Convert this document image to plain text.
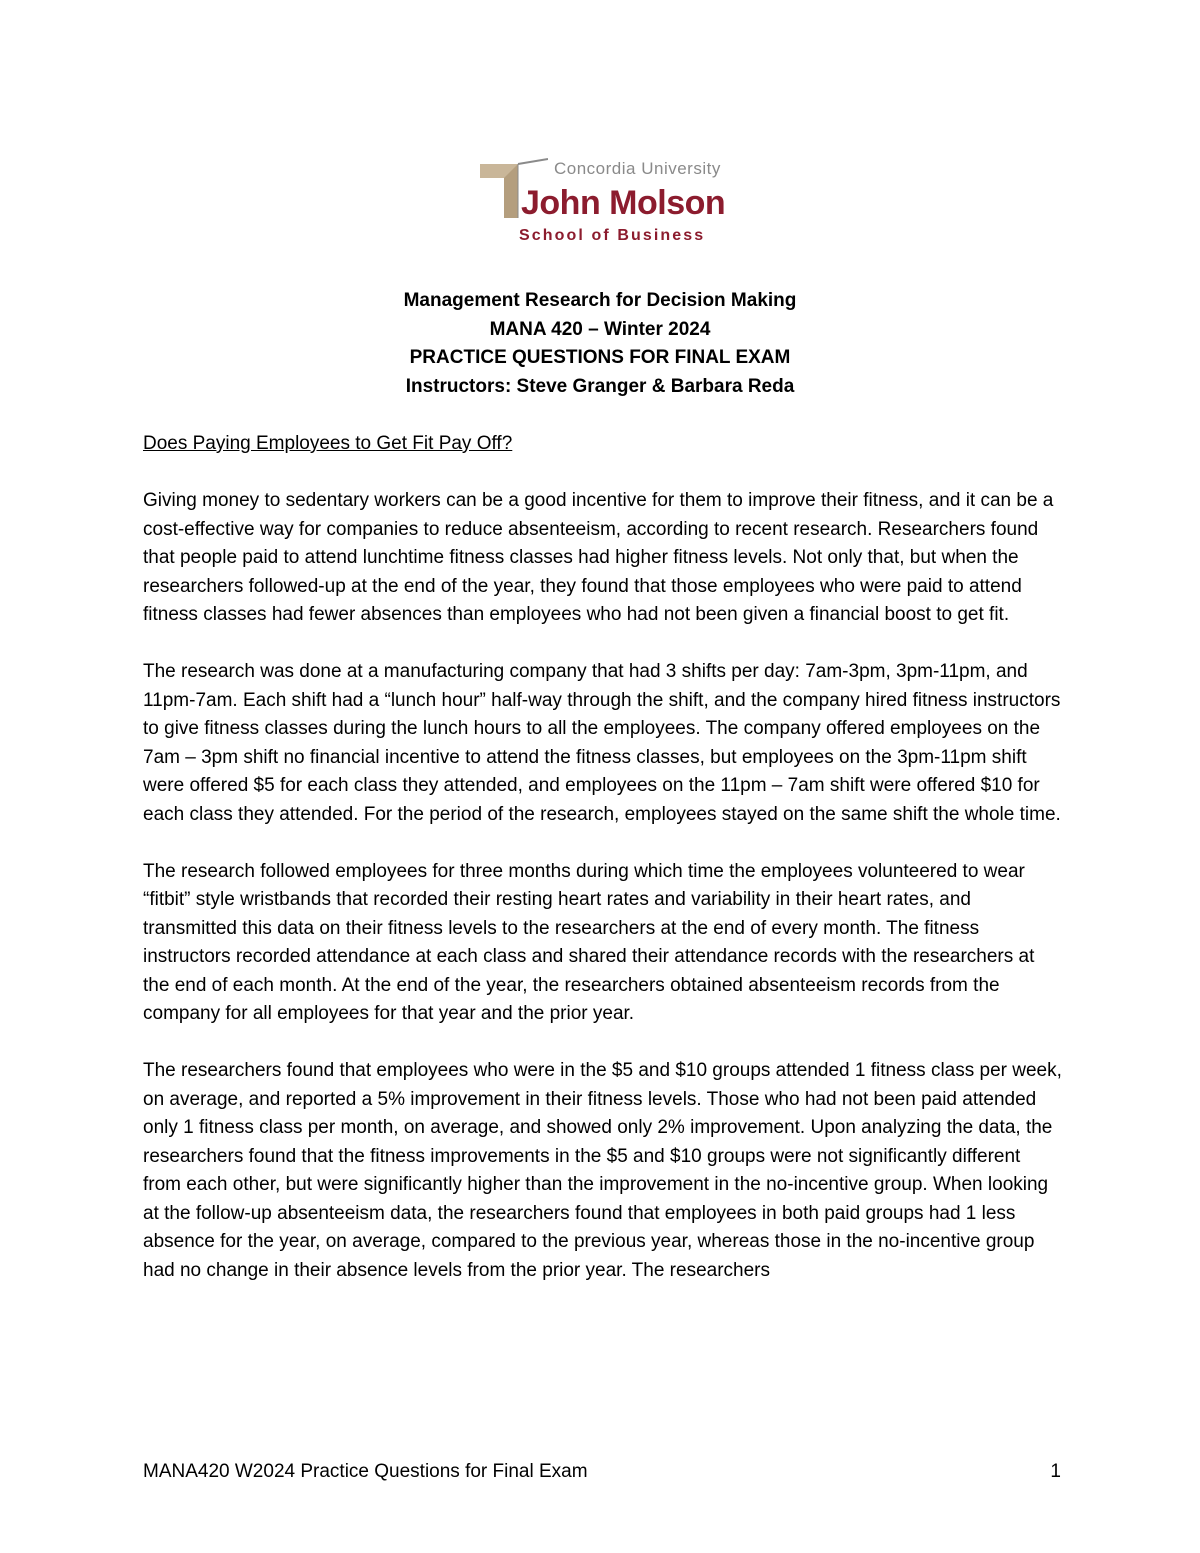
Concordia University
John Molson
School of Business
Management Research for Decision Making
MANA 420 – Winter 2024
PRACTICE QUESTIONS FOR FINAL EXAM
Instructors: Steve Granger & Barbara Reda
Does Paying Employees to Get Fit Pay Off?

Giving money to sedentary workers can be a good incentive for them to improve their fitness, and it can be a cost-effective way for companies to reduce absenteeism, according to recent research. Researchers found that people paid to attend lunchtime fitness classes had higher fitness levels. Not only that, but when the researchers followed-up at the end of the year, they found that those employees who were paid to attend fitness classes had fewer absences than employees who had not been given a financial boost to get fit.

The research was done at a manufacturing company that had 3 shifts per day: 7am-3pm, 3pm-11pm, and 11pm-7am. Each shift had a “lunch hour” half-way through the shift, and the company hired fitness instructors to give fitness classes during the lunch hours to all the employees. The company offered employees on the 7am – 3pm shift no financial incentive to attend the fitness classes, but employees on the 3pm-11pm shift were offered $5 for each class they attended, and employees on the 11pm – 7am shift were offered $10 for each class they attended. For the period of the research, employees stayed on the same shift the whole time.

The research followed employees for three months during which time the employees volunteered to wear “fitbit” style wristbands that recorded their resting heart rates and variability in their heart rates, and transmitted this data on their fitness levels to the researchers at the end of every month. The fitness instructors recorded attendance at each class and shared their attendance records with the researchers at the end of each month. At the end of the year, the researchers obtained absenteeism records from the company for all employees for that year and the prior year.

The researchers found that employees who were in the $5 and $10 groups attended 1 fitness class per week, on average, and reported a 5% improvement in their fitness levels. Those who had not been paid attended only 1 fitness class per month, on average, and showed only 2% improvement. Upon analyzing the data, the researchers found that the fitness improvements in the $5 and $10 groups were not significantly different from each other, but were significantly higher than the improvement in the no-incentive group. When looking at the follow-up absenteeism data, the researchers found that employees in both paid groups had 1 less absence for the year, on average, compared to the previous year, whereas those in the no-incentive group had no change in their absence levels from the prior year. The researchers

MANA420 W2024 Practice Questions for Final Exam	1
